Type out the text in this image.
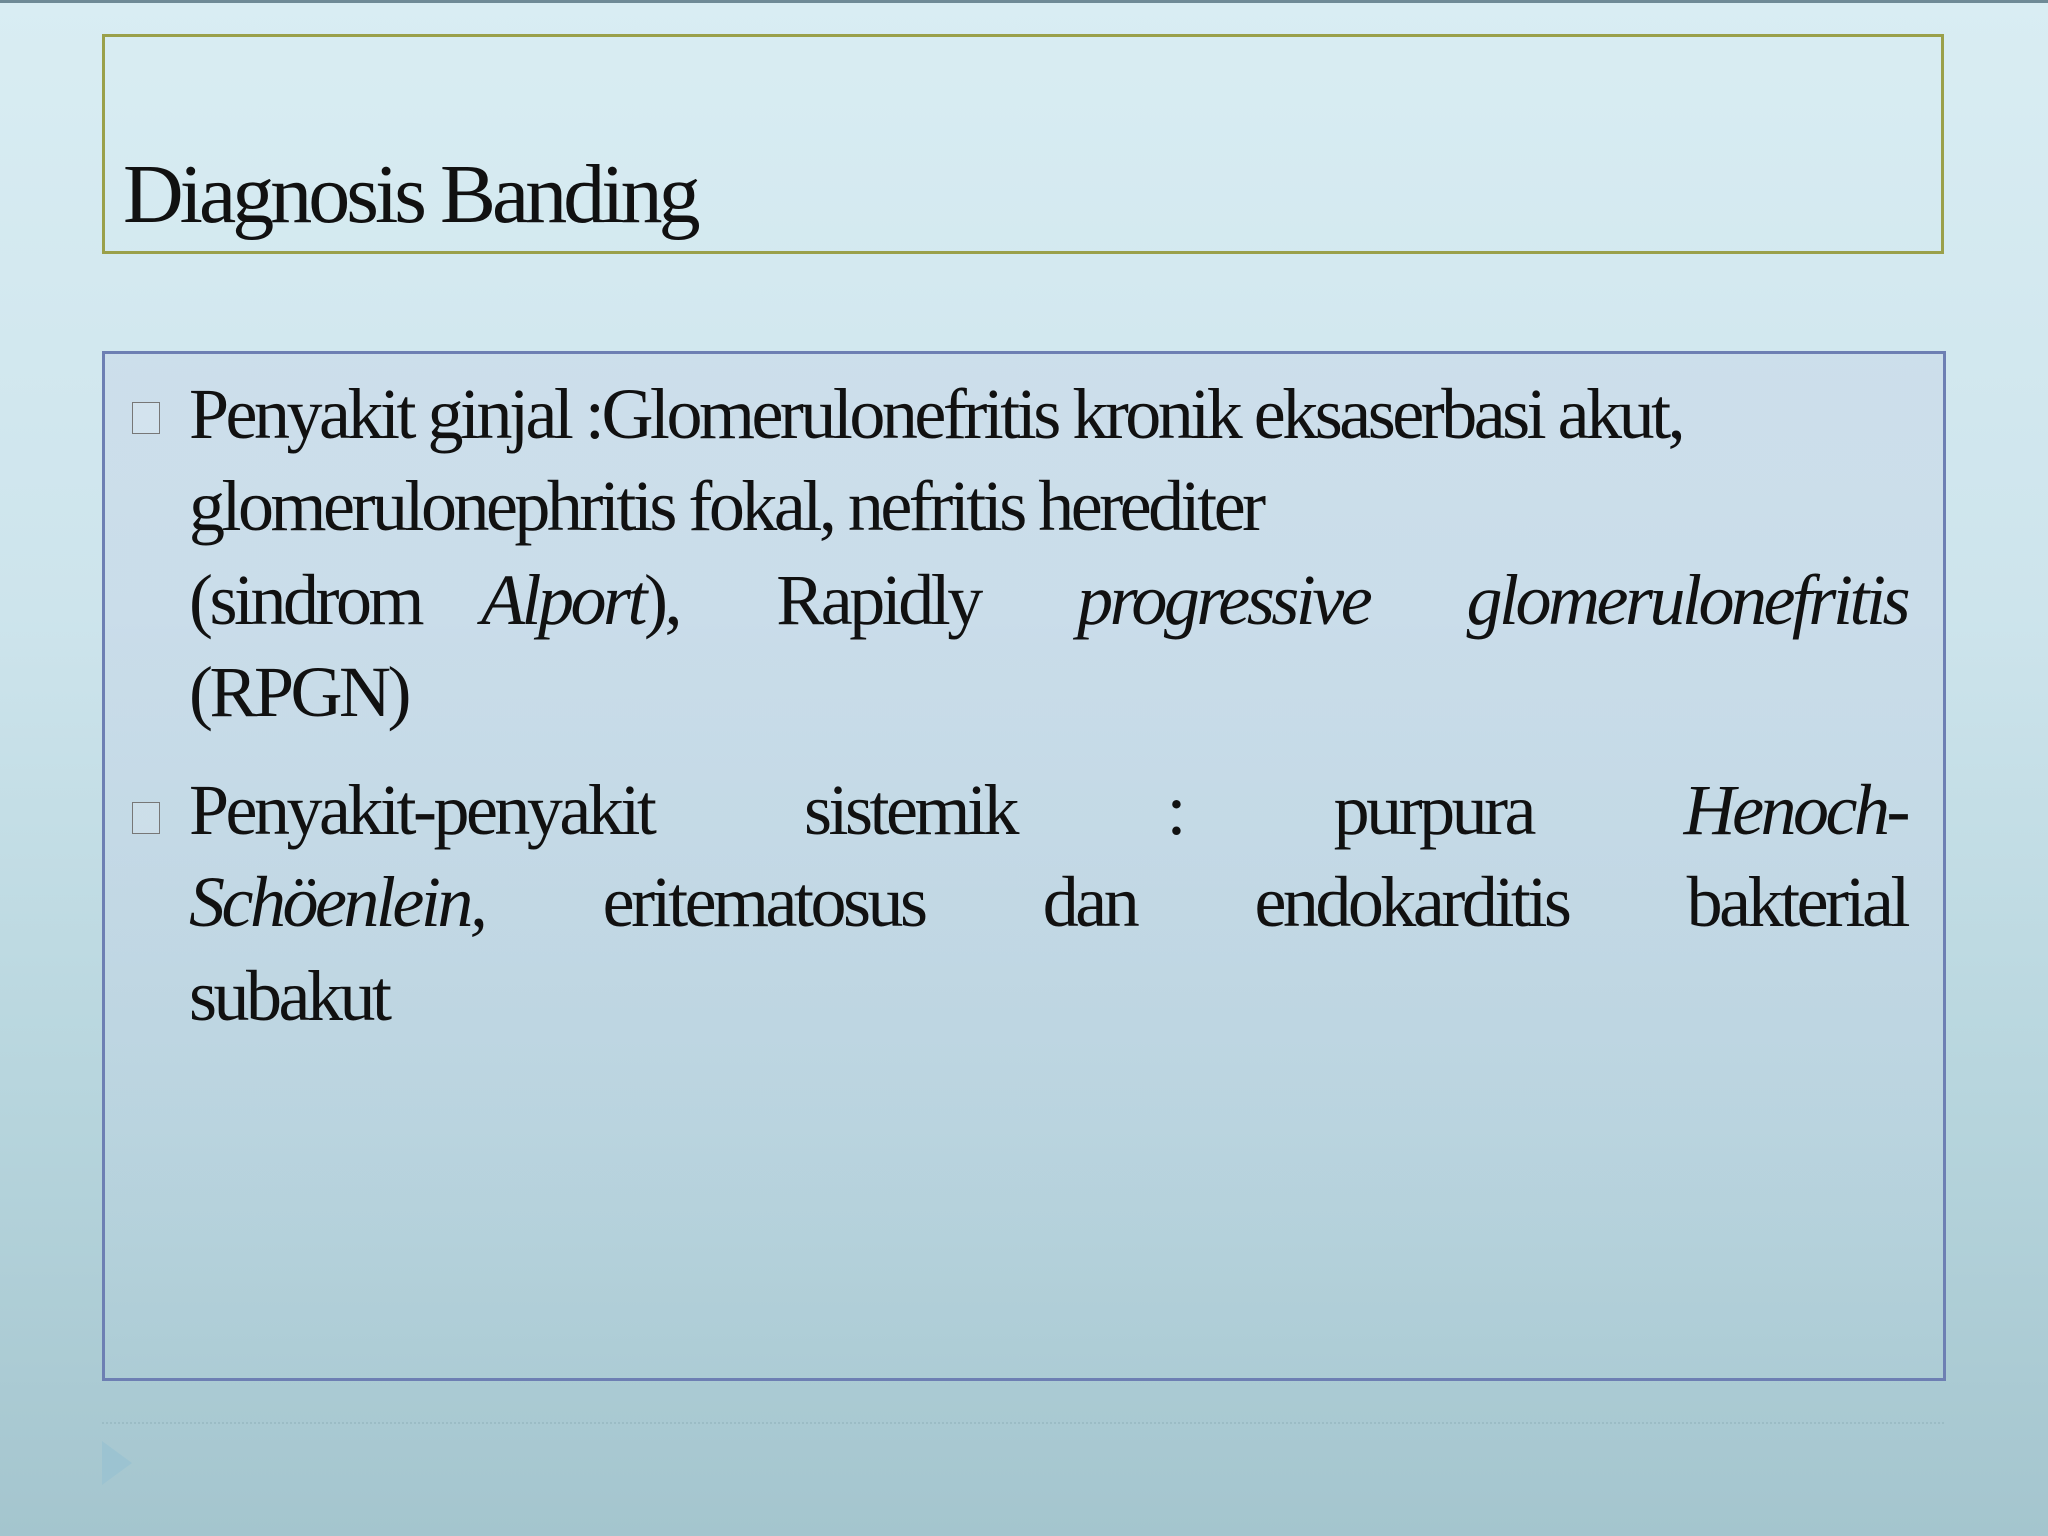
Diagnosis Banding
Penyakit ginjal :Glomerulonefritis kronik eksaserbasi akut,
glomerulonephritis fokal, nefritis herediter
(sindrom Alport), Rapidly progressive glomerulonefritis
(RPGN)
Penyakit-penyakit sistemik : purpura Henoch-
Schöenlein, eritematosus dan endokarditis bakterial
subakut
